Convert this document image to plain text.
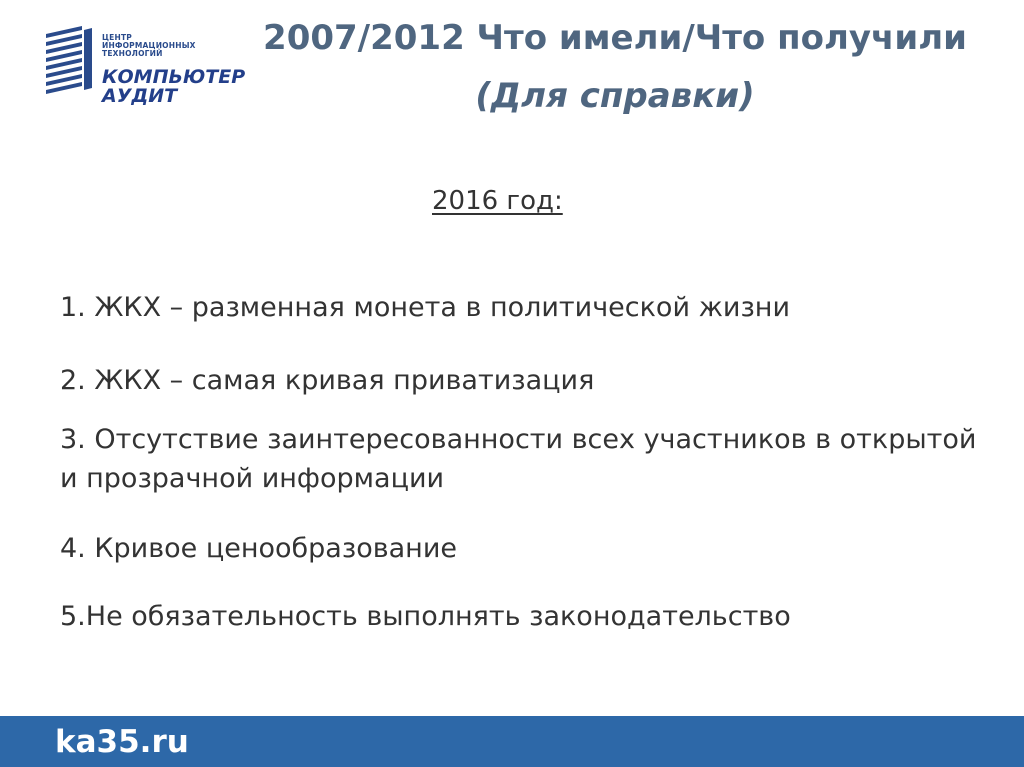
ЦЕНТР
ИНФОРМАЦИОННЫХ
ТЕХНОЛОГИЙ
КОМПЬЮТЕР
АУДИТ
2007/2012 Что имели/Что получили
(Для справки)
2016 год:
1. ЖКХ – разменная монета в политической жизни
2. ЖКХ – самая кривая приватизация
3. Отсутствие заинтересованности всех участников в открытой и прозрачной информации
4. Кривое ценообразование
5.Не обязательность выполнять законодательство
ka35.ru
